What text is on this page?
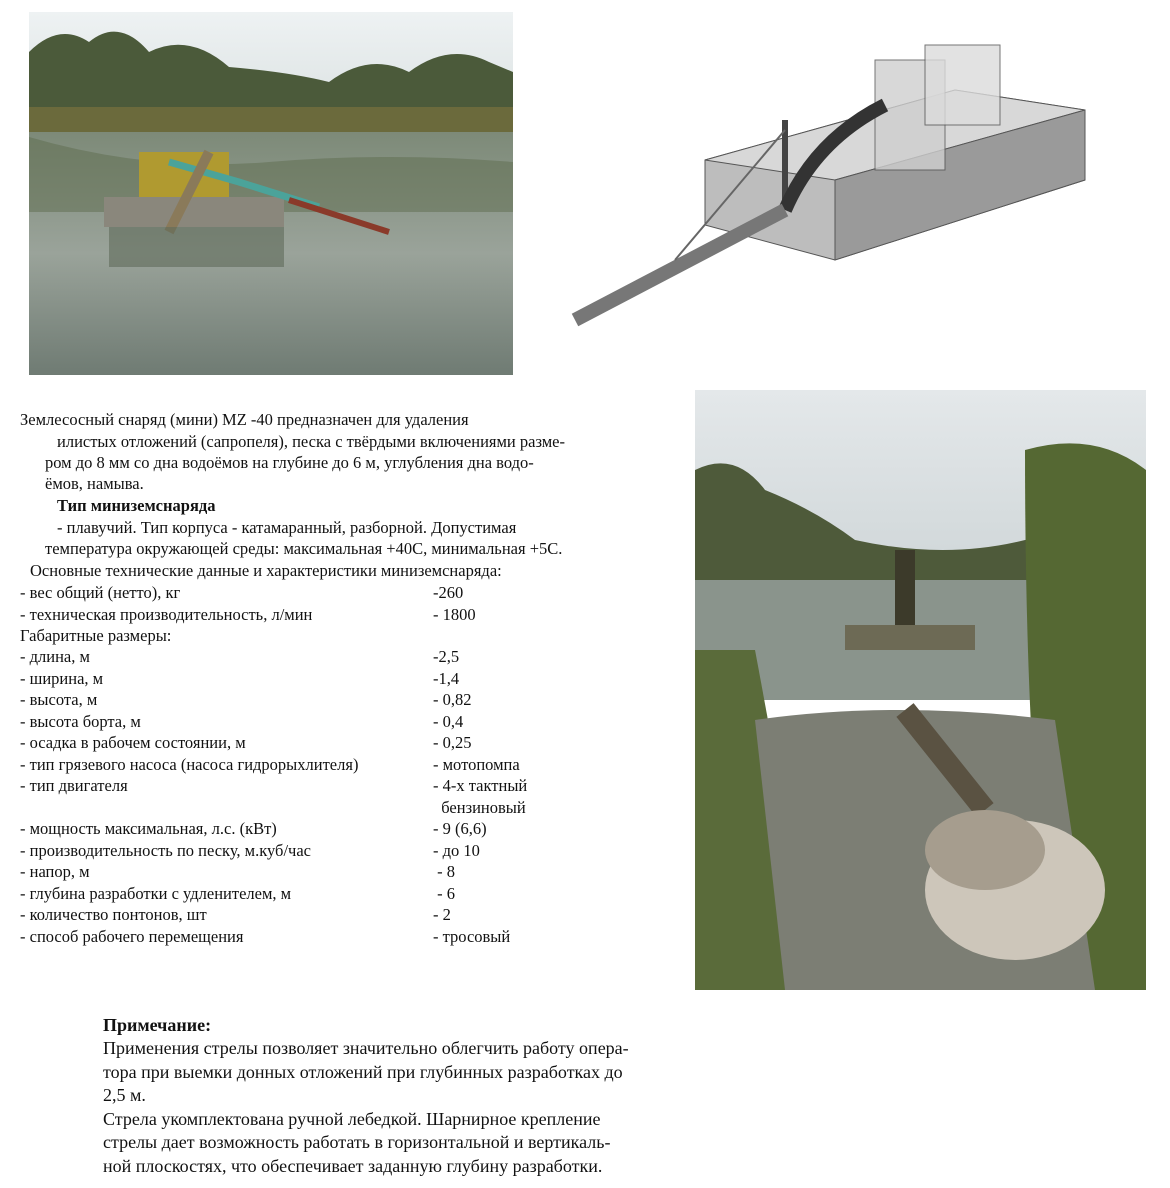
Землесосный снаряд (мини) MZ -40 предназначен для удаления
илистых отложений (сапропеля), песка с твёрдыми включениями разме-
ром до 8 мм со дна водоёмов на глубине до 6 м, углубления дна водо-
ёмов, намыва.
Тип миниземснаряда
- плавучий. Тип корпуса - катамаранный, разборной. Допустимая
температура окружающей среды: максимальная +40С, минимальная +5С.
Основные технические данные и характеристики миниземснаряда:
- вес общий (нетто), кг	-260
- техническая производительность, л/мин	- 1800
Габаритные размеры:
- длина, м	-2,5
- ширина, м	-1,4
- высота, м	- 0,82
- высота борта, м	- 0,4
- осадка в рабочем состоянии, м	- 0,25
- тип грязевого насоса (насоса гидрорыхлителя)	- мотопомпа
- тип двигателя	- 4-х тактный
бензиновый
- мощность максимальная, л.с. (кВт)	- 9 (6,6)
- производительность по песку, м.куб/час	- до 10
- напор, м	- 8
- глубина разработки с удленителем, м	- 6
- количество понтонов, шт	- 2
- способ рабочего перемещения	- тросовый
Примечание:
Применения стрелы позволяет значительно облегчить работу опера-
тора при выемки донных отложений при глубинных разработках до
2,5 м.
Стрела укомплектована ручной лебедкой. Шарнирное крепление
стрелы дает возможность работать в горизонтальной и вертикаль-
ной плоскостях, что обеспечивает заданную глубину разработки.
